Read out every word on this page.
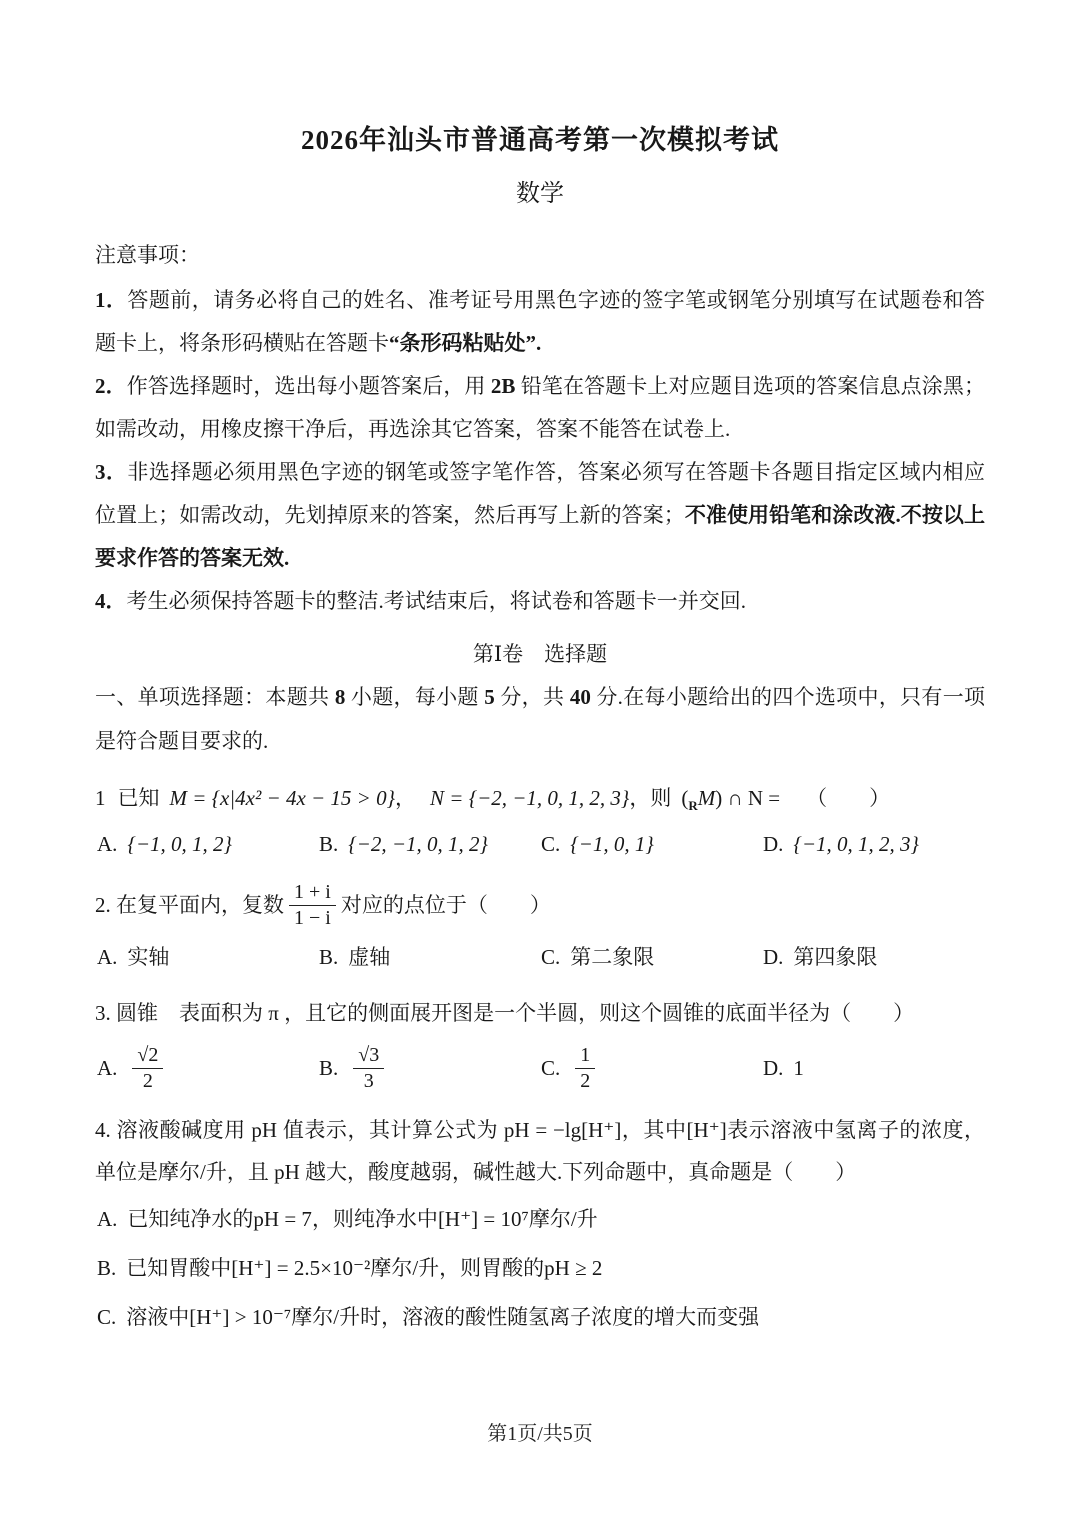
2026年汕头市普通高考第一次模拟考试
数学

注意事项：

1．答题前，请务必将自己的姓名、准考证号用黑色字迹的签字笔或钢笔分别填写在试题卷和答题卡上，将条形码横贴在答题卡“条形码粘贴处”.

2．作答选择题时，选出每小题答案后，用 2B 铅笔在答题卡上对应题目选项的答案信息点涂黑；如需改动，用橡皮擦干净后，再选涂其它答案，答案不能答在试卷上.

3．非选择题必须用黑色字迹的钢笔或签字笔作答，答案必须写在答题卡各题目指定区域内相应位置上；如需改动，先划掉原来的答案，然后再写上新的答案；不准使用铅笔和涂改液.不按以上要求作答的答案无效.

4．考生必须保持答题卡的整洁.考试结束后，将试卷和答题卡一并交回.

第Ⅰ卷　选择题

一、单项选择题：本题共 8 小题，每小题 5 分，共 40 分.在每小题给出的四个选项中，只有一项是符合题目要求的.

1 已知 M = {x|4x² − 4x − 15 > 0} ， N = {−2, −1, 0, 1, 2, 3} ，则 $(_RM)$ ∩ N = （　　）
A. {−1, 0, 1, 2}	B. {−2, −1, 0, 1, 2}	C. {−1, 0, 1}	D. {−1, 0, 1, 2, 3}
2. 在复平面内，复数 $\frac{1 + i}{1 - i}$ 对应的点位于（　　）
A. 实轴	B. 虚轴	C. 第二象限	D. 第四象限
3. 圆锥　表面积为 π ，且它的侧面展开图是一个半圆，则这个圆锥的底面半径为（　　）
A. $\frac{√2}{2}$	B. $\frac{√3}{3}$	C. $\frac{1}{2}$	D. 1

4. 溶液酸碱度用 pH 值表示，其计算公式为 pH = −lg[H⁺]，其中[H⁺]表示溶液中氢离子的浓度，单位是摩尔/升，且 pH 越大，酸度越弱，碱性越大.下列命题中，真命题是（　　）

A. 已知纯净水的 pH = 7 ，则纯净水中 [H⁺] = 10⁷ 摩尔/升
B. 已知胃酸中 [H⁺] = 2.5×10⁻² 摩尔/升，则胃酸的 pH ≥ 2
C. 溶液中 [H⁺] > 10⁻⁷ 摩尔/升时，溶液的酸性随氢离子浓度的增大而变强
第1页/共5页
